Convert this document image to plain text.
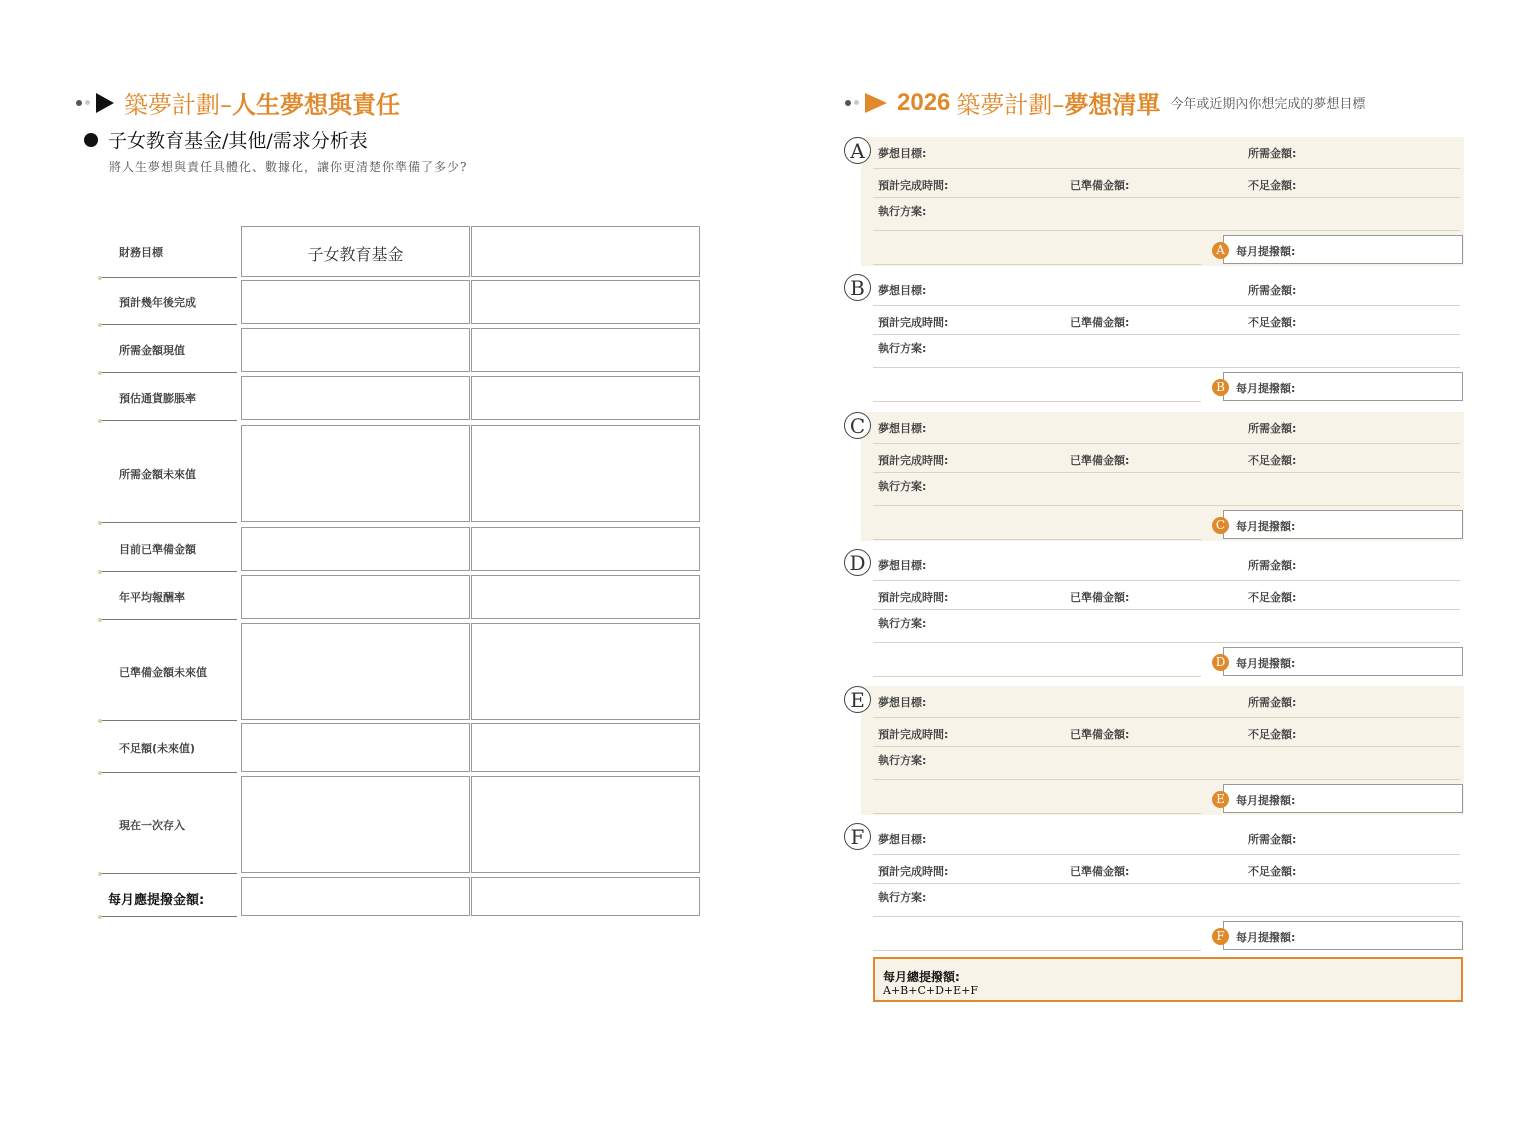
築夢計劃– 人生夢想與責任
子女教育基金/其他/需求分析表
將人生夢想與責任具體化、數據化，讓你更清楚你準備了多少?
財務目標	子女教育基金
預計幾年後完成
所需金額現值
預估通貨膨脹率
所需金額未來值
目前已準備金額
年平均報酬率
已準備金額未來值
不足額(未來值)
現在一次存入
每月應提撥金額:
2026 築夢計劃– 夢想清單 今年或近期內你想完成的夢想目標
A	夢想目標:	所需金額:
預計完成時間:	已準備金額:	不足金額:
執行方案:
A	每月提撥額:
B	夢想目標:	所需金額:
預計完成時間:	已準備金額:	不足金額:
執行方案:
B	每月提撥額:
C	夢想目標:	所需金額:
預計完成時間:	已準備金額:	不足金額:
執行方案:
C 每月提撥額:
D	夢想目標:	所需金額:
預計完成時間:	已準備金額:	不足金額:
執行方案:
D 每月提撥額:
E	夢想目標:	所需金額:
預計完成時間:	已準備金額:	不足金額:
執行方案:
E	每月提撥額:
F	夢想目標:	所需金額:
預計完成時間:	已準備金額:	不足金額:
執行方案:
F	每月提撥額:
每月總提撥額:
A+B+C+D+E+F
